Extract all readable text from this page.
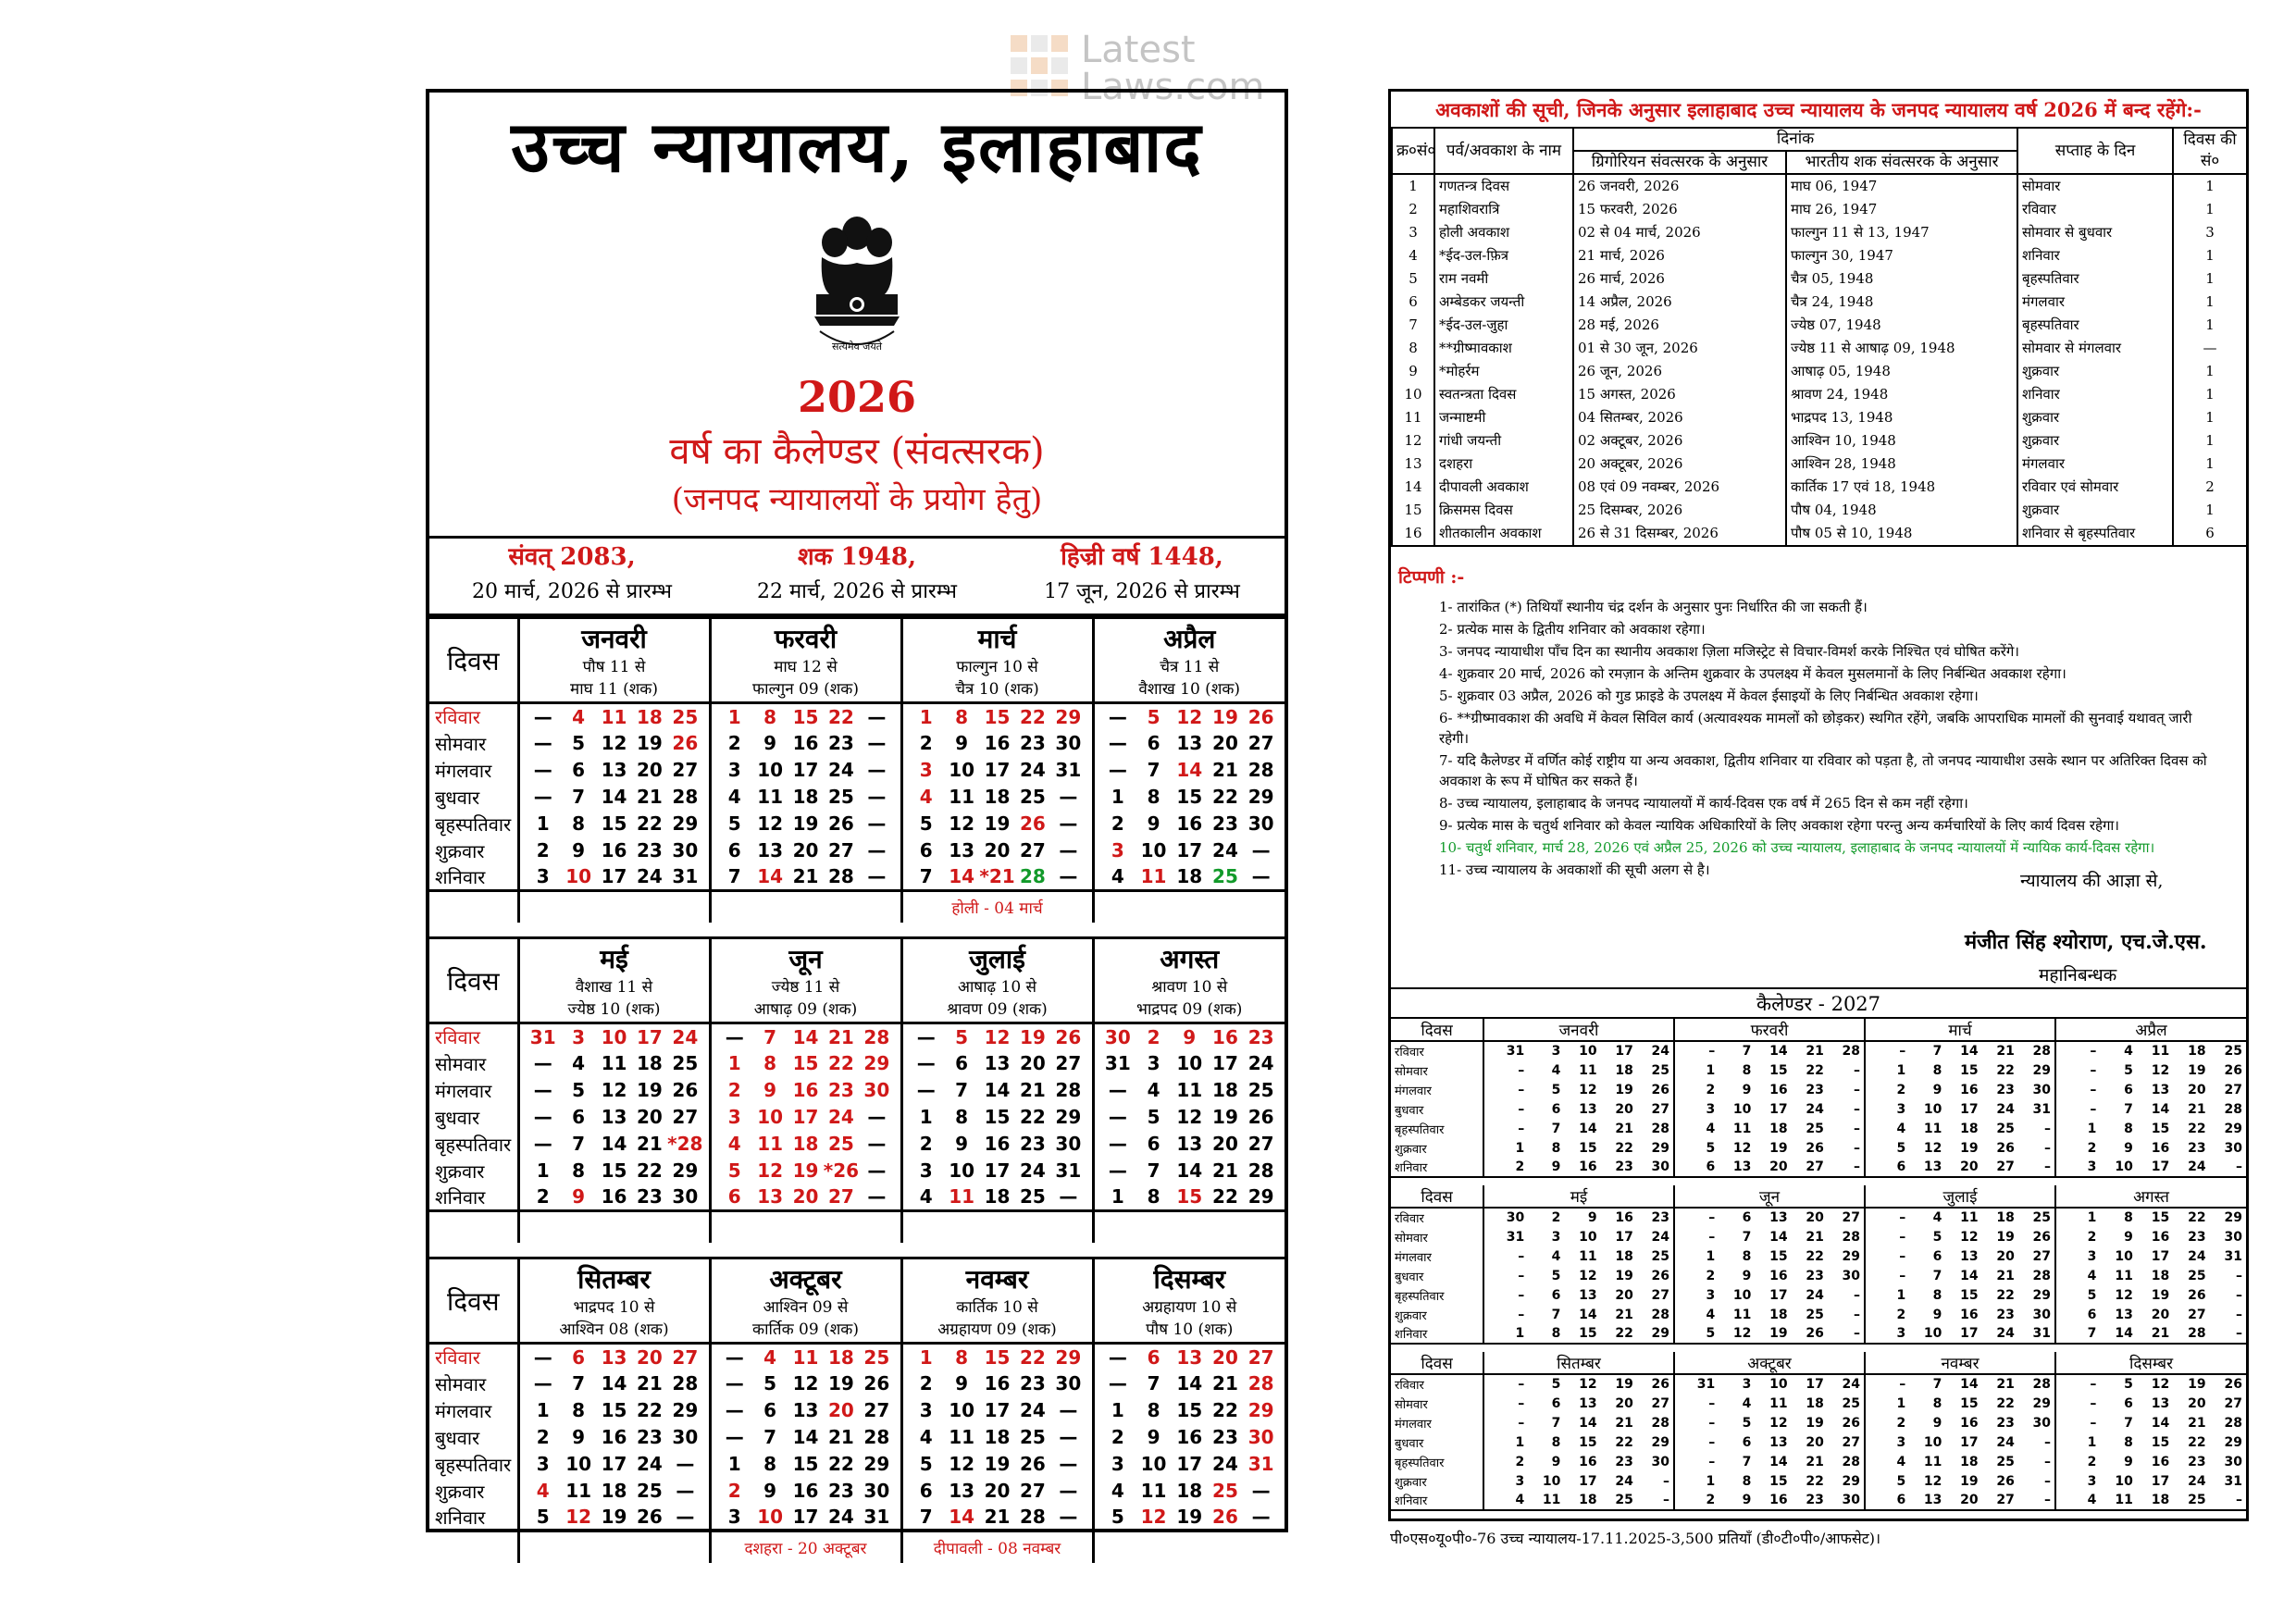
Latest
Laws.com
उच्च न्यायालय, इलाहाबाद
सत्यमेव जयते
2026
वर्ष का कैलेण्डर (संवत्सरक)
(जनपद न्यायालयों के प्रयोग हेतु)
संवत् 2083,
20 मार्च, 2026 से प्रारम्भ
शक 1948,
22 मार्च, 2026 से प्रारम्भ
हिज्री वर्ष 1448,
17 जून, 2026 से प्रारम्भ
दिवस	जनवरी
पौष 11 से
माघ 11 (शक)	फरवरी
माघ 12 से
फाल्गुन 09 (शक)	मार्च
फाल्गुन 10 से
चैत्र 10 (शक)	अप्रैल
चैत्र 11 से
वैशाख 10 (शक)

रविवार	— 4 11 18 25	1 8 15 22 —	1 8 15 22 29	— 5 12 19 26

सोमवार	— 5 12 19 26	2 9 16 23 —	2 9 16 23 30	— 6 13 20 27

मंगलवार	— 6 13 20 27	3 10 17 24 —	3 10 17 24 31	— 7 14 21 28

बुधवार	— 7 14 21 28	4 11 18 25 —	4 11 18 25 —	1 8 15 22 29

बृहस्पतिवार	1 8 15 22 29	5 12 19 26 —	5 12 19 26 —	2 9 16 23 30

शुक्रवार	2 9 16 23 30	6 13 20 27 —	6 13 20 27 —	3 10 17 24 —

शनिवार	3 10 17 24 31	7 14 21 28 —	7 14 *21 28 —	4 11 18 25 —

			होली - 04 मार्च	
दिवस	मई
वैशाख 11 से
ज्येष्ठ 10 (शक)	जून
ज्येष्ठ 11 से
आषाढ़ 09 (शक)	जुलाई
आषाढ़ 10 से
श्रावण 09 (शक)	अगस्त
श्रावण 10 से
भाद्रपद 09 (शक)

रविवार	31 3 10 17 24	— 7 14 21 28	— 5 12 19 26	30 2 9 16 23

सोमवार	— 4 11 18 25	1 8 15 22 29	— 6 13 20 27	31 3 10 17 24

मंगलवार	— 5 12 19 26	2 9 16 23 30	— 7 14 21 28	— 4 11 18 25

बुधवार	— 6 13 20 27	3 10 17 24 —	1 8 15 22 29	— 5 12 19 26

बृहस्पतिवार	— 7 14 21 *28	4 11 18 25 —	2 9 16 23 30	— 6 13 20 27

शुक्रवार	1 8 15 22 29	5 12 19 *26 —	3 10 17 24 31	— 7 14 21 28

शनिवार	2 9 16 23 30	6 13 20 27 —	4 11 18 25 —	1 8 15 22 29

दिवस	सितम्बर
भाद्रपद 10 से
आश्विन 08 (शक)	अक्टूबर
आश्विन 09 से
कार्तिक 09 (शक)	नवम्बर
कार्तिक 10 से
अग्रहायण 09 (शक)	दिसम्बर
अग्रहायण 10 से
पौष 10 (शक)

रविवार	— 6 13 20 27	— 4 11 18 25	1 8 15 22 29	— 6 13 20 27

सोमवार	— 7 14 21 28	— 5 12 19 26	2 9 16 23 30	— 7 14 21 28

मंगलवार	1 8 15 22 29	— 6 13 20 27	3 10 17 24 —	1 8 15 22 29

बुधवार	2 9 16 23 30	— 7 14 21 28	4 11 18 25 —	2 9 16 23 30

बृहस्पतिवार	3 10 17 24 —	1 8 15 22 29	5 12 19 26 —	3 10 17 24 31

शुक्रवार	4 11 18 25 —	2 9 16 23 30	6 13 20 27 —	4 11 18 25 —

शनिवार	5 12 19 26 —	3 10 17 24 31	7 14 21 28 —	5 12 19 26 —

		दशहरा - 20 अक्टूबर	दीपावली - 08 नवम्बर	
अवकाशों की सूची, जिनके अनुसार इलाहाबाद उच्च न्यायालय के जनपद न्यायालय वर्ष 2026 में बन्द रहेंगे:-
क्र०सं०	पर्व/अवकाश के नाम	दिनांक		सप्ताह के दिन	दिवस की सं०
		ग्रिगोरियन संवत्सरक के अनुसार	भारतीय शक संवत्सरक के अनुसार		
1	गणतन्त्र दिवस	26 जनवरी, 2026	माघ 06, 1947	सोमवार	1
2	महाशिवरात्रि	15 फरवरी, 2026	माघ 26, 1947	रविवार	1
3	होली अवकाश	02 से 04 मार्च, 2026	फाल्गुन 11 से 13, 1947	सोमवार से बुधवार	3
4	*ईद-उल-फ़ित्र	21 मार्च, 2026	फाल्गुन 30, 1947	शनिवार	1
5	राम नवमी	26 मार्च, 2026	चैत्र 05, 1948	बृहस्पतिवार	1
6	अम्बेडकर जयन्ती	14 अप्रैल, 2026	चैत्र 24, 1948	मंगलवार	1
7	*ईद-उल-जुहा	28 मई, 2026	ज्येष्ठ 07, 1948	बृहस्पतिवार	1
8	**ग्रीष्मावकाश	01 से 30 जून, 2026	ज्येष्ठ 11 से आषाढ़ 09, 1948	सोमवार से मंगलवार	—
9	*मोहर्रम	26 जून, 2026	आषाढ़ 05, 1948	शुक्रवार	1
10	स्वतन्त्रता दिवस	15 अगस्त, 2026	श्रावण 24, 1948	शनिवार	1
11	जन्माष्टमी	04 सितम्बर, 2026	भाद्रपद 13, 1948	शुक्रवार	1
12	गांधी जयन्ती	02 अक्टूबर, 2026	आश्विन 10, 1948	शुक्रवार	1
13	दशहरा	20 अक्टूबर, 2026	आश्विन 28, 1948	मंगलवार	1
14	दीपावली अवकाश	08 एवं 09 नवम्बर, 2026	कार्तिक 17 एवं 18, 1948	रविवार एवं सोमवार	2
15	क्रिसमस दिवस	25 दिसम्बर, 2026	पौष 04, 1948	शुक्रवार	1
16	शीतकालीन अवकाश	26 से 31 दिसम्बर, 2026	पौष 05 से 10, 1948	शनिवार से बृहस्पतिवार	6
टिप्पणी :-
1- तारांकित (*) तिथियाँ स्थानीय चंद्र दर्शन के अनुसार पुनः निर्धारित की जा सकती हैं।
2- प्रत्येक मास के द्वितीय शनिवार को अवकाश रहेगा।
3- जनपद न्यायाधीश पाँच दिन का स्थानीय अवकाश ज़िला मजिस्ट्रेट से विचार-विमर्श करके निश्चित एवं घोषित करेंगे।
4- शुक्रवार 20 मार्च, 2026 को रमज़ान के अन्तिम शुक्रवार के उपलक्ष्य में केवल मुसलमानों के लिए निर्बन्धित अवकाश रहेगा।
5- शुक्रवार 03 अप्रैल, 2026 को गुड फ्राइडे के उपलक्ष्य में केवल ईसाइयों के लिए निर्बन्धित अवकाश रहेगा।
6- **ग्रीष्मावकाश की अवधि में केवल सिविल कार्य (अत्यावश्यक मामलों को छोड़कर) स्थगित रहेंगे, जबकि आपराधिक मामलों की सुनवाई यथावत् जारी रहेगी।
7- यदि कैलेण्डर में वर्णित कोई राष्ट्रीय या अन्य अवकाश, द्वितीय शनिवार या रविवार को पड़ता है, तो जनपद न्यायाधीश उसके स्थान पर अतिरिक्त दिवस को अवकाश के रूप में घोषित कर सकते हैं।
8- उच्च न्यायालय, इलाहाबाद के जनपद न्यायालयों में कार्य-दिवस एक वर्ष में 265 दिन से कम नहीं रहेगा।
9- प्रत्येक मास के चतुर्थ शनिवार को केवल न्यायिक अधिकारियों के लिए अवकाश रहेगा परन्तु अन्य कर्मचारियों के लिए कार्य दिवस रहेगा।
10- चतुर्थ शनिवार, मार्च 28, 2026 एवं अप्रैल 25, 2026 को उच्च न्यायालय, इलाहाबाद के जनपद न्यायालयों में न्यायिक कार्य-दिवस रहेगा।
11- उच्च न्यायालय के अवकाशों की सूची अलग से है।
न्यायालय की आज्ञा से,
मंजीत सिंह श्योराण, एच.जे.एस.
महानिबन्धक
कैलेण्डर - 2027
दिवस	जनवरी	फरवरी	मार्च	अप्रैल
रविवार	31 3 10 17 24	– 7 14 21 28	– 7 14 21 28	– 4 11 18 25

सोमवार	– 4 11 18 25	1 8 15 22 –	1 8 15 22 29	– 5 12 19 26

मंगलवार	– 5 12 19 26	2 9 16 23 –	2 9 16 23 30	– 6 13 20 27

बुधवार	– 6 13 20 27	3 10 17 24 –	3 10 17 24 31	– 7 14 21 28

बृहस्पतिवार	– 7 14 21 28	4 11 18 25 –	4 11 18 25 –	1 8 15 22 29

शुक्रवार	1 8 15 22 29	5 12 19 26 –	5 12 19 26 –	2 9 16 23 30

शनिवार	2 9 16 23 30	6 13 20 27 –	6 13 20 27 –	3 10 17 24 –
दिवस	मई	जून	जुलाई	अगस्त
रविवार	30 2 9 16 23	– 6 13 20 27	– 4 11 18 25	1 8 15 22 29

सोमवार	31 3 10 17 24	– 7 14 21 28	– 5 12 19 26	2 9 16 23 30

मंगलवार	– 4 11 18 25	1 8 15 22 29	– 6 13 20 27	3 10 17 24 31

बुधवार	– 5 12 19 26	2 9 16 23 30	– 7 14 21 28	4 11 18 25 –

बृहस्पतिवार	– 6 13 20 27	3 10 17 24 –	1 8 15 22 29	5 12 19 26 –

शुक्रवार	– 7 14 21 28	4 11 18 25 –	2 9 16 23 30	6 13 20 27 –

शनिवार	1 8 15 22 29	5 12 19 26 –	3 10 17 24 31	7 14 21 28 –
दिवस	सितम्बर	अक्टूबर	नवम्बर	दिसम्बर
रविवार	– 5 12 19 26	31 3 10 17 24	– 7 14 21 28	– 5 12 19 26

सोमवार	– 6 13 20 27	– 4 11 18 25	1 8 15 22 29	– 6 13 20 27

मंगलवार	– 7 14 21 28	– 5 12 19 26	2 9 16 23 30	– 7 14 21 28

बुधवार	1 8 15 22 29	– 6 13 20 27	3 10 17 24 –	1 8 15 22 29

बृहस्पतिवार	2 9 16 23 30	– 7 14 21 28	4 11 18 25 –	2 9 16 23 30

शुक्रवार	3 10 17 24 –	1 8 15 22 29	5 12 19 26 –	3 10 17 24 31

शनिवार	4 11 18 25 –	2 9 16 23 30	6 13 20 27 –	4 11 18 25 –
पी०एस०यू०पी०-76 उच्च न्यायालय-17.11.2025-3,500 प्रतियाँ (डी०टी०पी०/आफसेट)।
